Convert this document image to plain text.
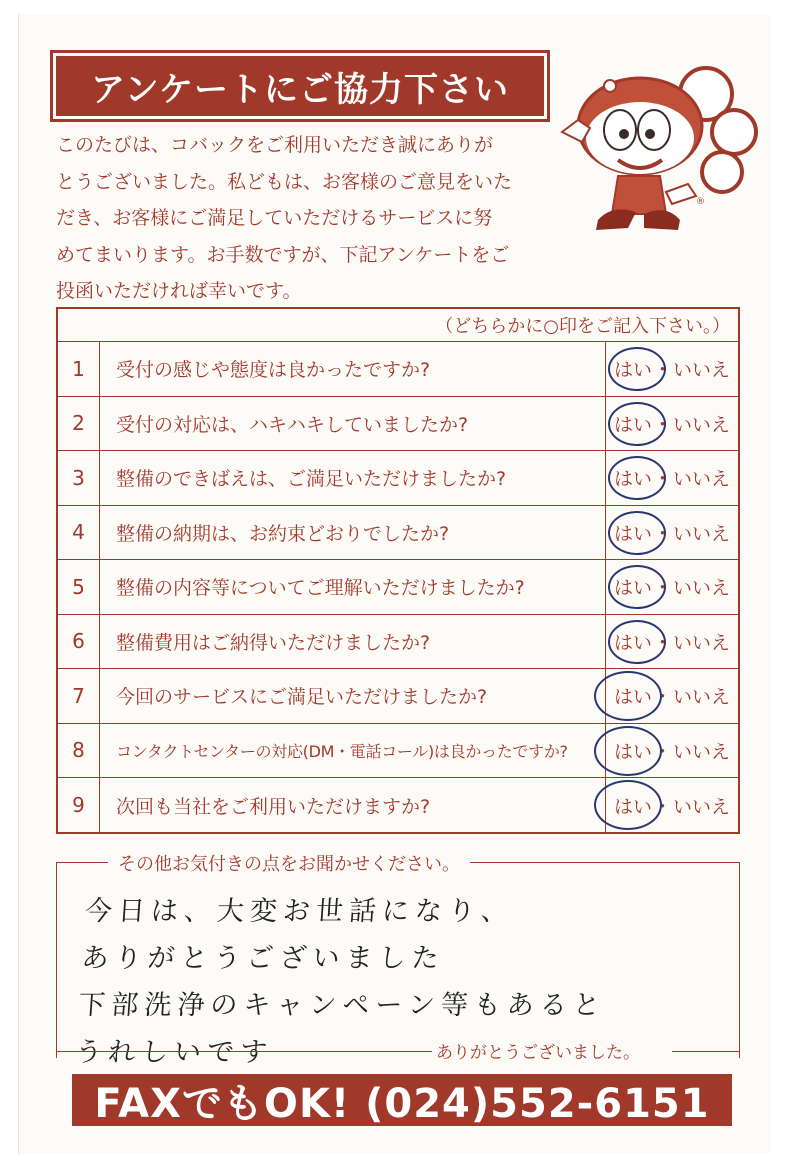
アンケートにご協力下さい
このたびは、コバックをご利用いただき誠にありが
とうございました。私どもは、お客様のご意見をいた
だき、お客様にご満足していただけるサービスに努
めてまいります。お手数ですが、下記アンケートをご
投函いただければ幸いです。
®
（どちらかに○印をご記入下さい。）
1	受付の感じや態度は良かったですか?	はい ・ いいえ
2	受付の対応は、ハキハキしていましたか?	はい ・ いいえ
3	整備のできばえは、ご満足いただけましたか?	はい ・ いいえ
4	整備の納期は、お約束どおりでしたか?	はい ・ いいえ
5	整備の内容等についてご理解いただけましたか?	はい ・ いいえ
6	整備費用はご納得いただけましたか?	はい ・ いいえ
7	今回のサービスにご満足いただけましたか?	はい ・ いいえ
8	コンタクトセンターの対応(DM・電話コール)は良かったですか?	はい ・ いいえ
9	次回も当社をご利用いただけますか?	はい ・ いいえ
その他お気付きの点をお聞かせください。
今日は、大変お世話になり、
ありがとうございました
下部洗浄のキャンペーン等もあると
うれしいです	ありがとうございました。
FAXでもOK! (024)552-6151
